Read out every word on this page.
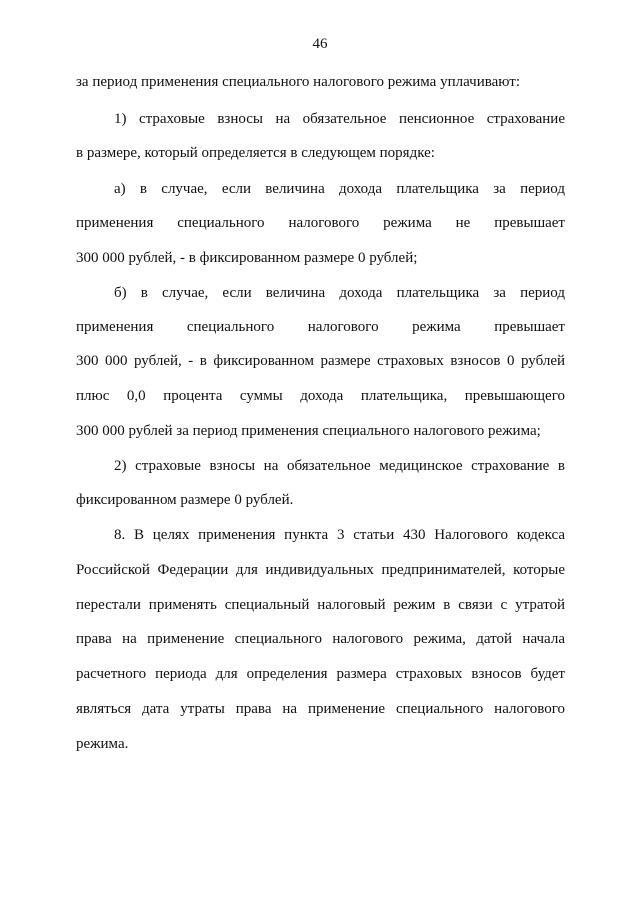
46
за период применения специального налогового режима уплачивают:
1) страховые взносы на обязательное пенсионное страхование
в размере, который определяется в следующем порядке:
а) в случае, если величина дохода плательщика за период
применения специального налогового режима не превышает
300 000 рублей, - в фиксированном размере 0 рублей;
б) в случае, если величина дохода плательщика за период
применения специального налогового режима превышает
300 000 рублей, - в фиксированном размере страховых взносов 0 рублей
плюс 0,0 процента суммы дохода плательщика, превышающего
300 000 рублей за период применения специального налогового режима;
2) страховые взносы на обязательное медицинское страхование в
фиксированном размере 0 рублей.
8. В целях применения пункта 3 статьи 430 Налогового кодекса
Российской Федерации для индивидуальных предпринимателей, которые
перестали применять специальный налоговый режим в связи с утратой
права на применение специального налогового режима, датой начала
расчетного периода для определения размера страховых взносов будет
являться дата утраты права на применение специального налогового
режима.
